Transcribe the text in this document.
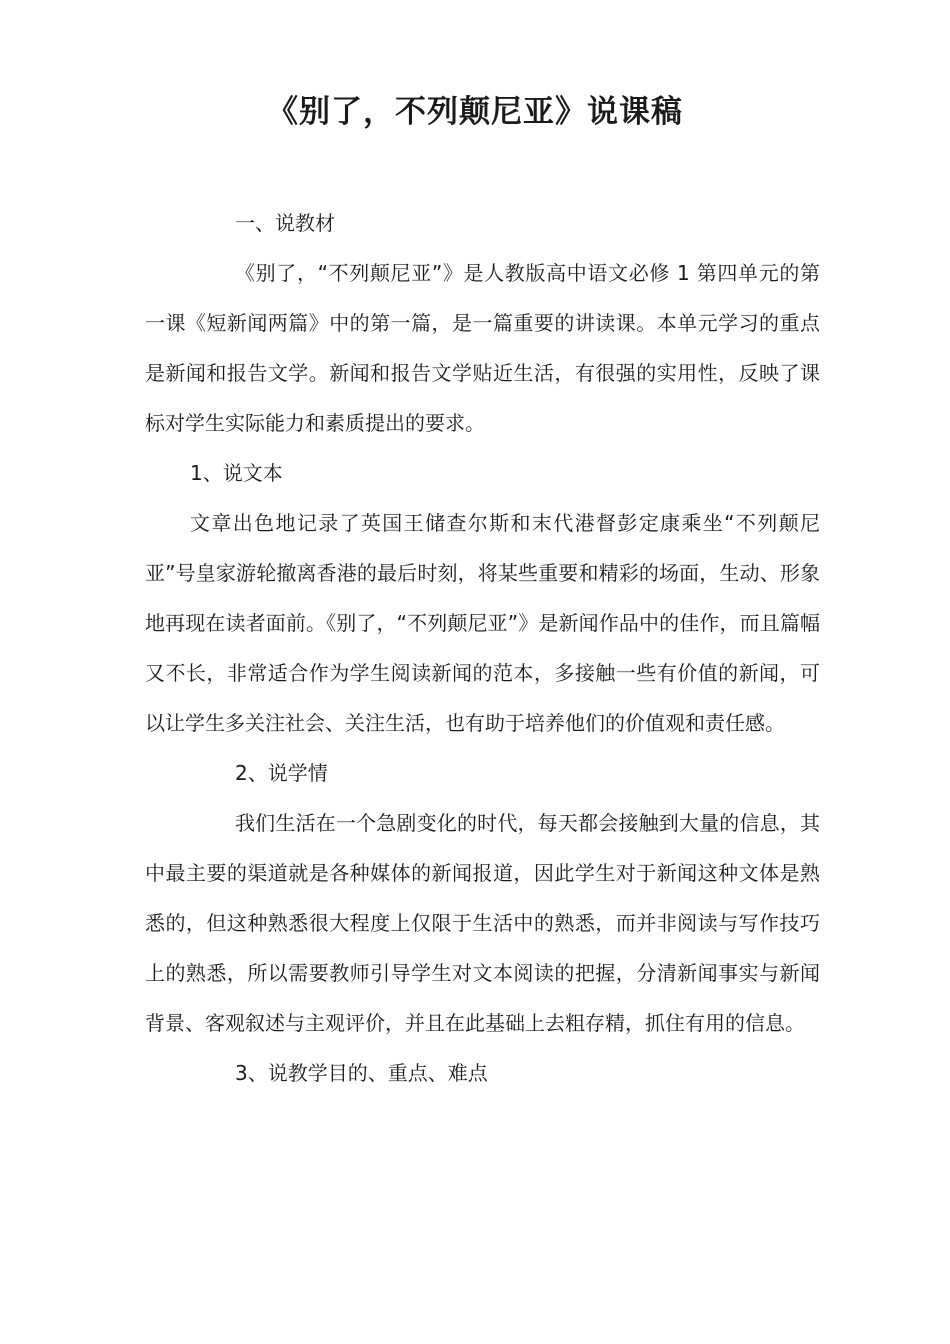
《别了，不列颠尼亚》说课稿

一、说教材

《别了，“不列颠尼亚”》是人教版高中语文必修 1 第四单元的第一课《短新闻两篇》中的第一篇，是一篇重要的讲读课。本单元学习的重点是新闻和报告文学。新闻和报告文学贴近生活，有很强的实用性，反映了课标对学生实际能力和素质提出的要求。

1、说文本

文章出色地记录了英国王储查尔斯和末代港督彭定康乘坐“不列颠尼亚”号皇家游轮撤离香港的最后时刻，将某些重要和精彩的场面，生动、形象地再现在读者面前。《别了，“不列颠尼亚”》是新闻作品中的佳作，而且篇幅又不长，非常适合作为学生阅读新闻的范本，多接触一些有价值的新闻，可以让学生多关注社会、关注生活，也有助于培养他们的价值观和责任感。

2、说学情

我们生活在一个急剧变化的时代，每天都会接触到大量的信息，其中最主要的渠道就是各种媒体的新闻报道，因此学生对于新闻这种文体是熟悉的，但这种熟悉很大程度上仅限于生活中的熟悉，而并非阅读与写作技巧上的熟悉，所以需要教师引导学生对文本阅读的把握，分清新闻事实与新闻背景、客观叙述与主观评价，并且在此基础上去粗存精，抓住有用的信息。

3、说教学目的、重点、难点
